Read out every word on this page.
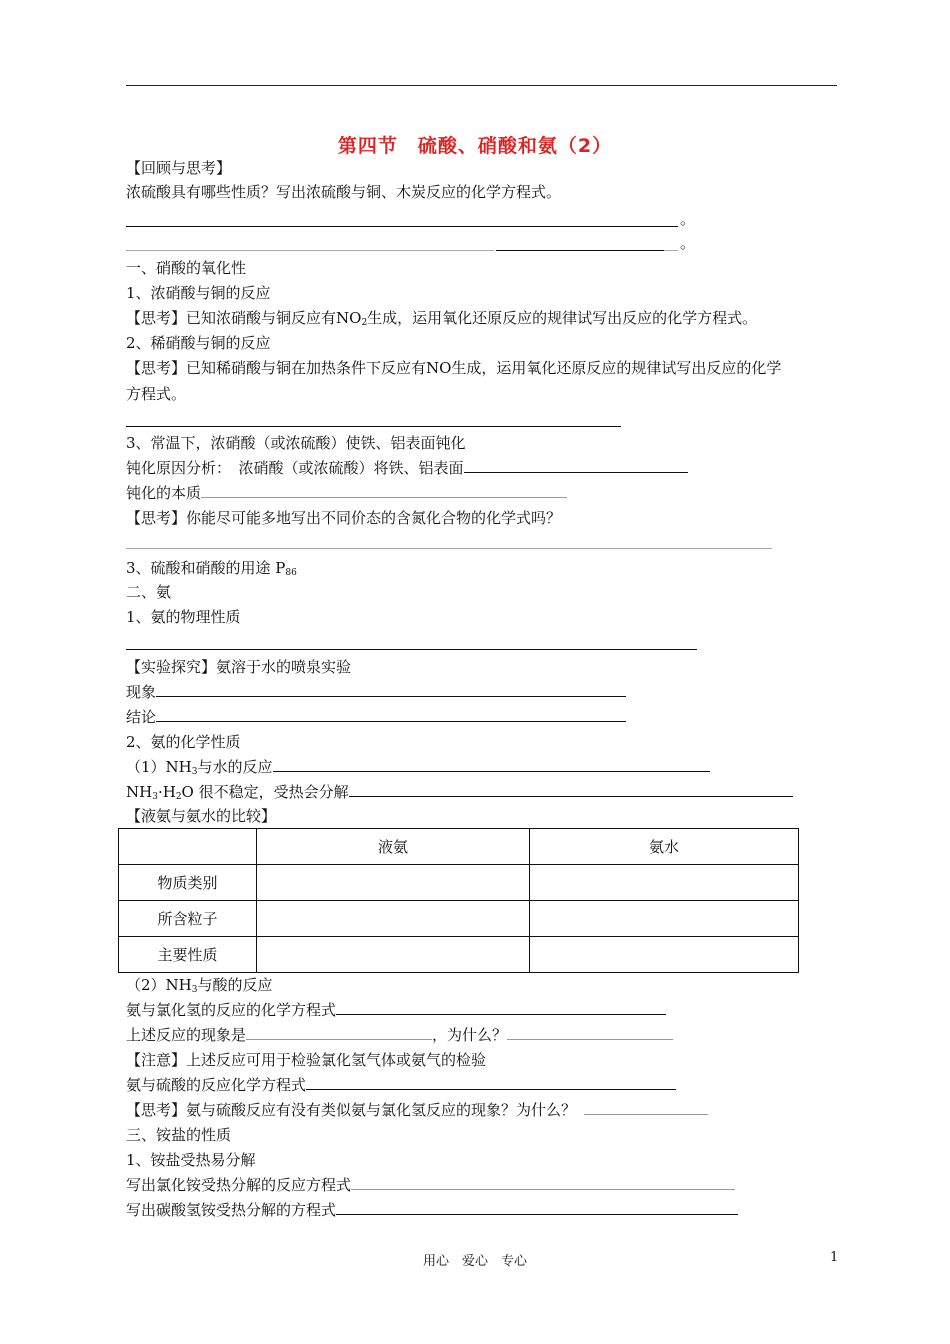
第四节　硫酸、硝酸和氨（2）
【回顾与思考】
浓硫酸具有哪些性质？写出浓硫酸与铜、木炭反应的化学方程式。
。
。
一、硝酸的氧化性
1、浓硝酸与铜的反应
【思考】已知浓硝酸与铜反应有$NO_2$生成，运用氧化还原反应的规律试写出反应的化学方程式。
2、稀硝酸与铜的反应
【思考】已知稀硝酸与铜在加热条件下反应有NO生成，运用氧化还原反应的规律试写出反应的化学
方程式。
3、常温下，浓硝酸（或浓硫酸）使铁、铝表面钝化
钝化原因分析：　浓硝酸（或浓硫酸）将铁、铝表面
钝化的本质
【思考】你能尽可能多地写出不同价态的含氮化合物的化学式吗？
3、硫酸和硝酸的用途 $P_{86}$
二、氨
1、氨的物理性质
【实验探究】氨溶于水的喷泉实验
现象
结论
2、氨的化学性质
$(1)NH_3$与水的反应
$NH_3\cdot H_2O$ 很不稳定，受热会分解
【液氨与氨水的比较】
	液氨	氨水
物质类别		
所含粒子		
主要性质		
$(2)NH_3$与酸的反应
氨与氯化氢的反应的化学方程式
上述反应的现象是	，为什么？
【注意】上述反应可用于检验氯化氢气体或氨气的检验
氨与硫酸的反应化学方程式
【思考】氨与硫酸反应有没有类似氨与氯化氢反应的现象？为什么？
三、铵盐的性质
1、铵盐受热易分解
写出氯化铵受热分解的反应方程式
写出碳酸氢铵受热分解的方程式
用心　爱心　专心	1
